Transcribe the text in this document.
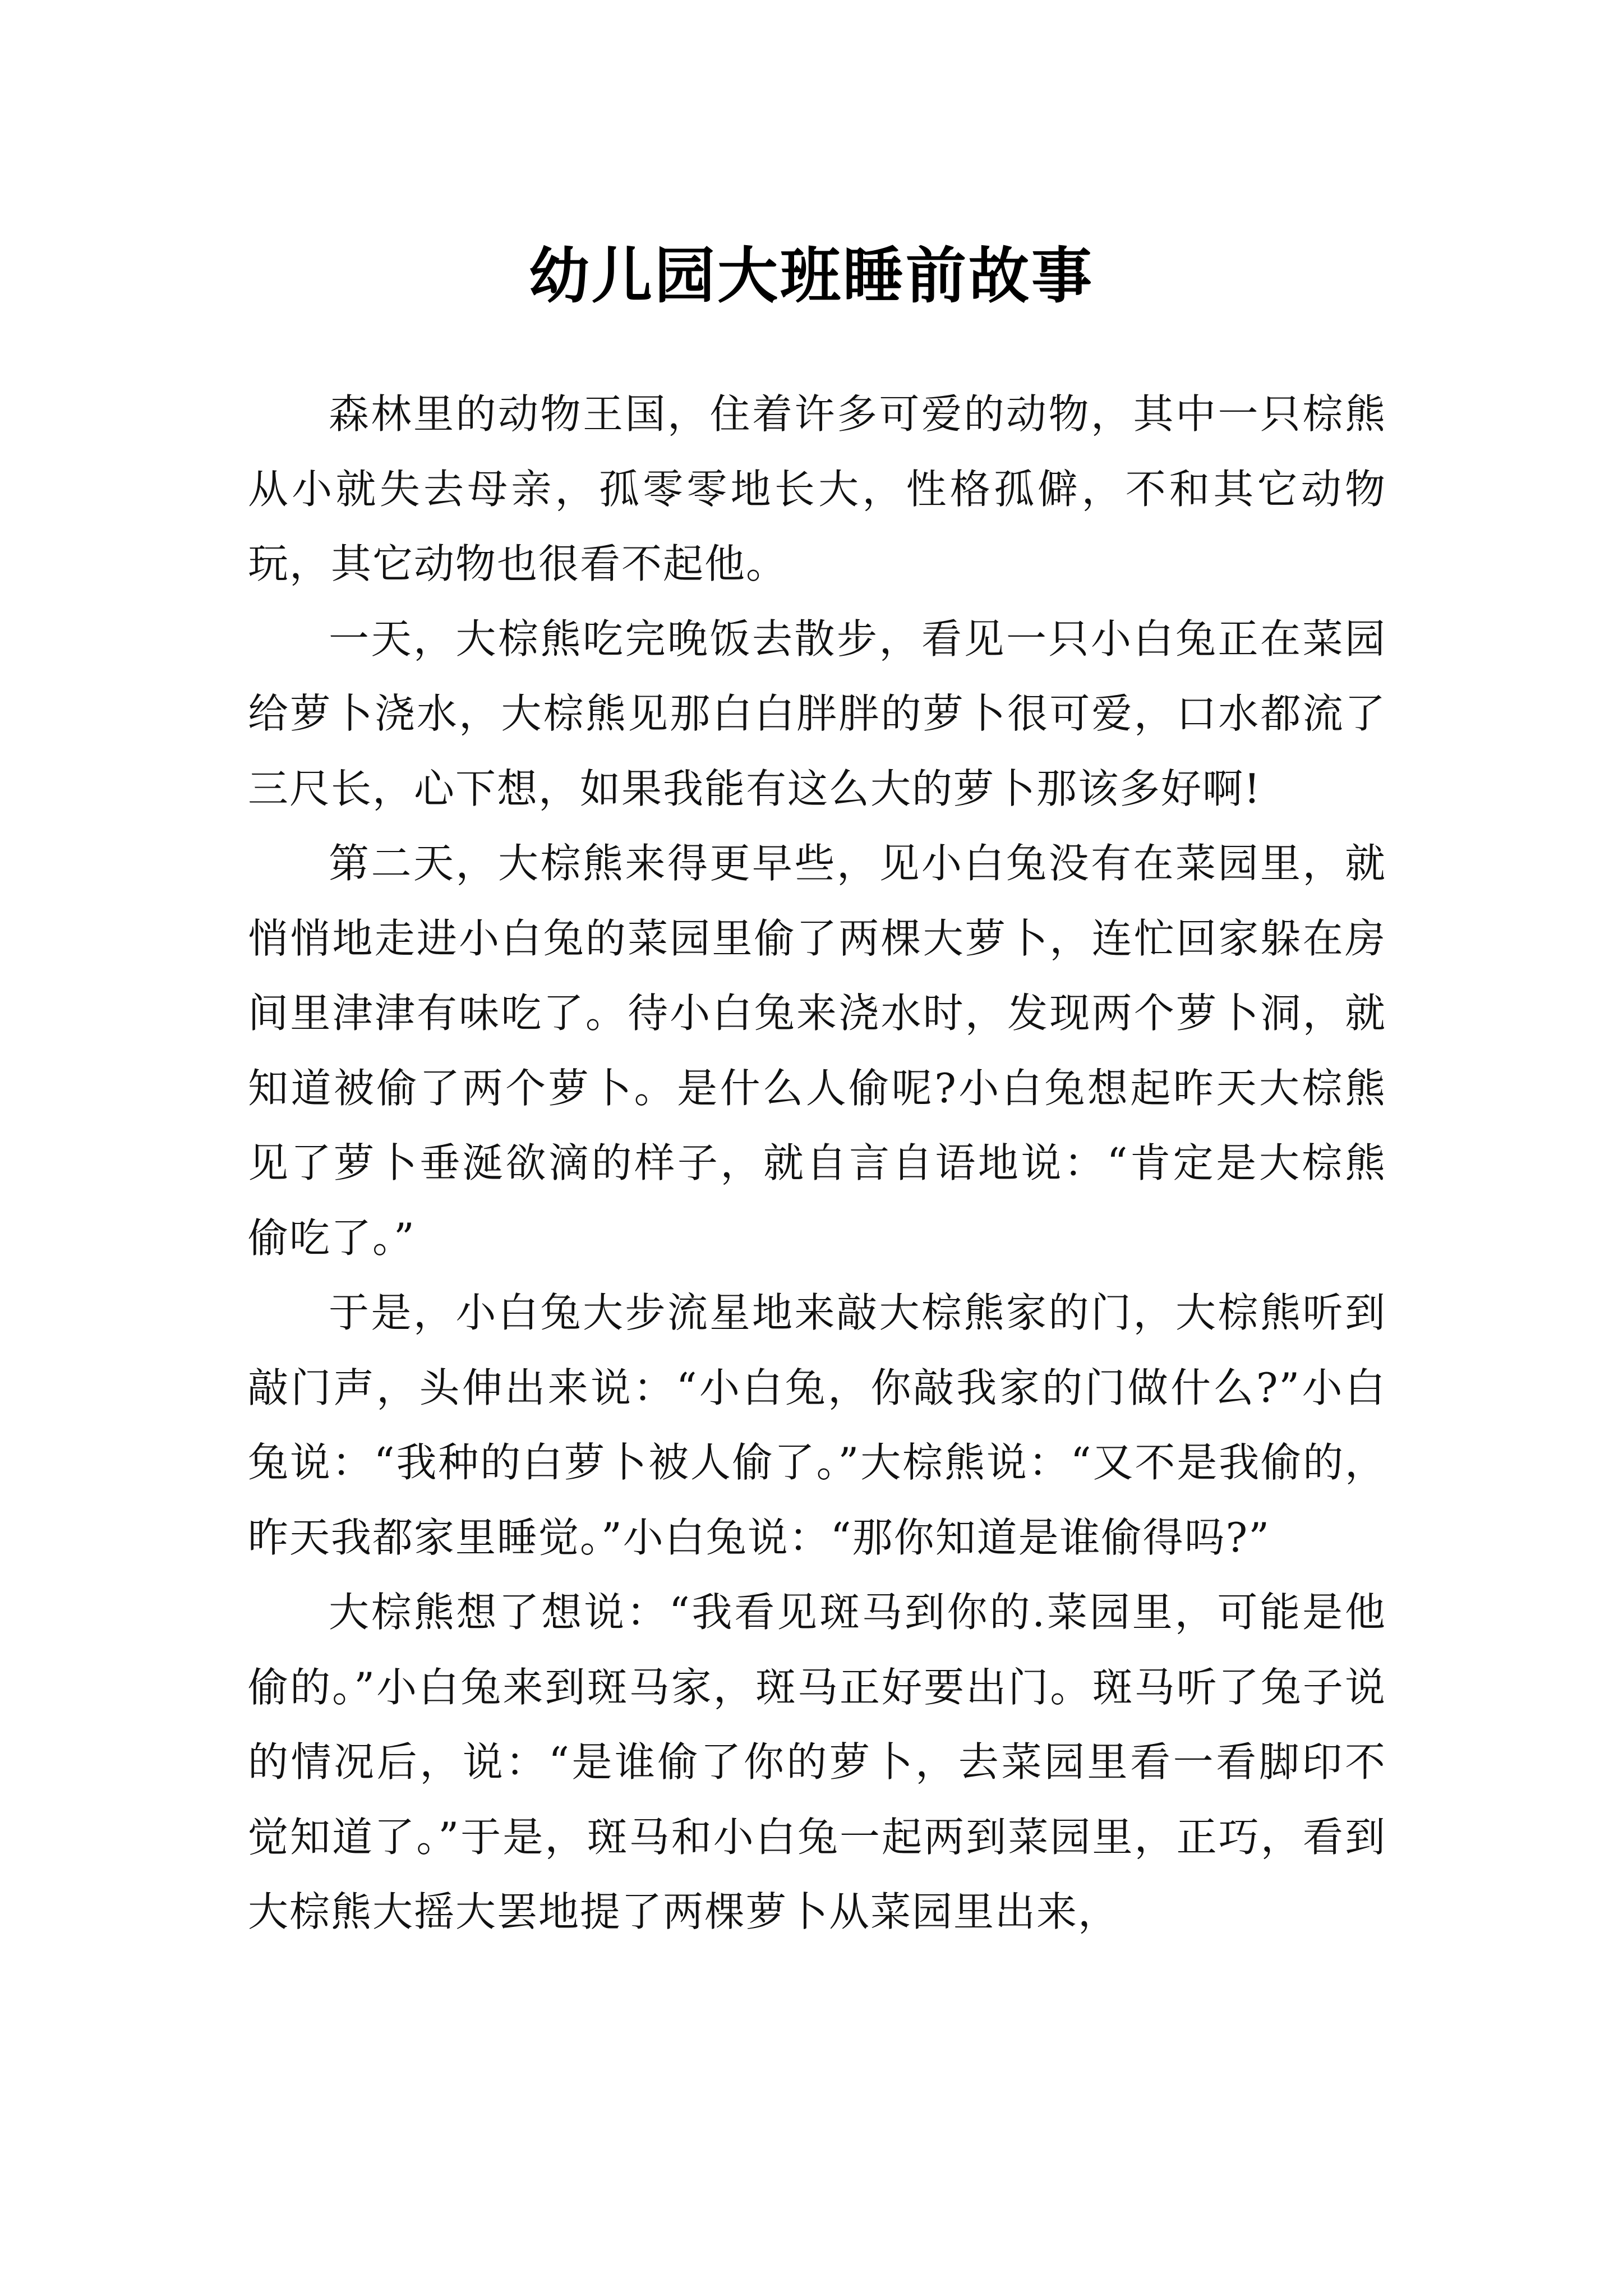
幼儿园大班睡前故事

森林里的动物王国，住着许多可爱的动物，其中一只棕熊从小就失去母亲，孤零零地长大，性格孤僻，不和其它动物玩，其它动物也很看不起他。

一天，大棕熊吃完晚饭去散步，看见一只小白兔正在菜园给萝卜浇水，大棕熊见那白白胖胖的萝卜很可爱，口水都流了三尺长，心下想，如果我能有这么大的萝卜那该多好啊!

第二天，大棕熊来得更早些，见小白兔没有在菜园里，就悄悄地走进小白兔的菜园里偷了两棵大萝卜，连忙回家躲在房间里津津有味吃了。待小白兔来浇水时，发现两个萝卜洞，就知道被偷了两个萝卜。是什么人偷呢?小白兔想起昨天大棕熊见了萝卜垂涎欲滴的样子，就自言自语地说：“肯定是大棕熊偷吃了。”

于是，小白兔大步流星地来敲大棕熊家的门，大棕熊听到敲门声，头伸出来说：“小白兔，你敲我家的门做什么?”小白兔说：“我种的白萝卜被人偷了。”大棕熊说：“又不是我偷的，昨天我都家里睡觉。”小白兔说：“那你知道是谁偷得吗?”

大棕熊想了想说：“我看见斑马到你的.菜园里，可能是他偷的。”小白兔来到斑马家，斑马正好要出门。斑马听了兔子说的情况后，说：“是谁偷了你的萝卜，去菜园里看一看脚印不觉知道了。”于是，斑马和小白兔一起两到菜园里，正巧，看到大棕熊大摇大罢地提了两棵萝卜从菜园里出来，
